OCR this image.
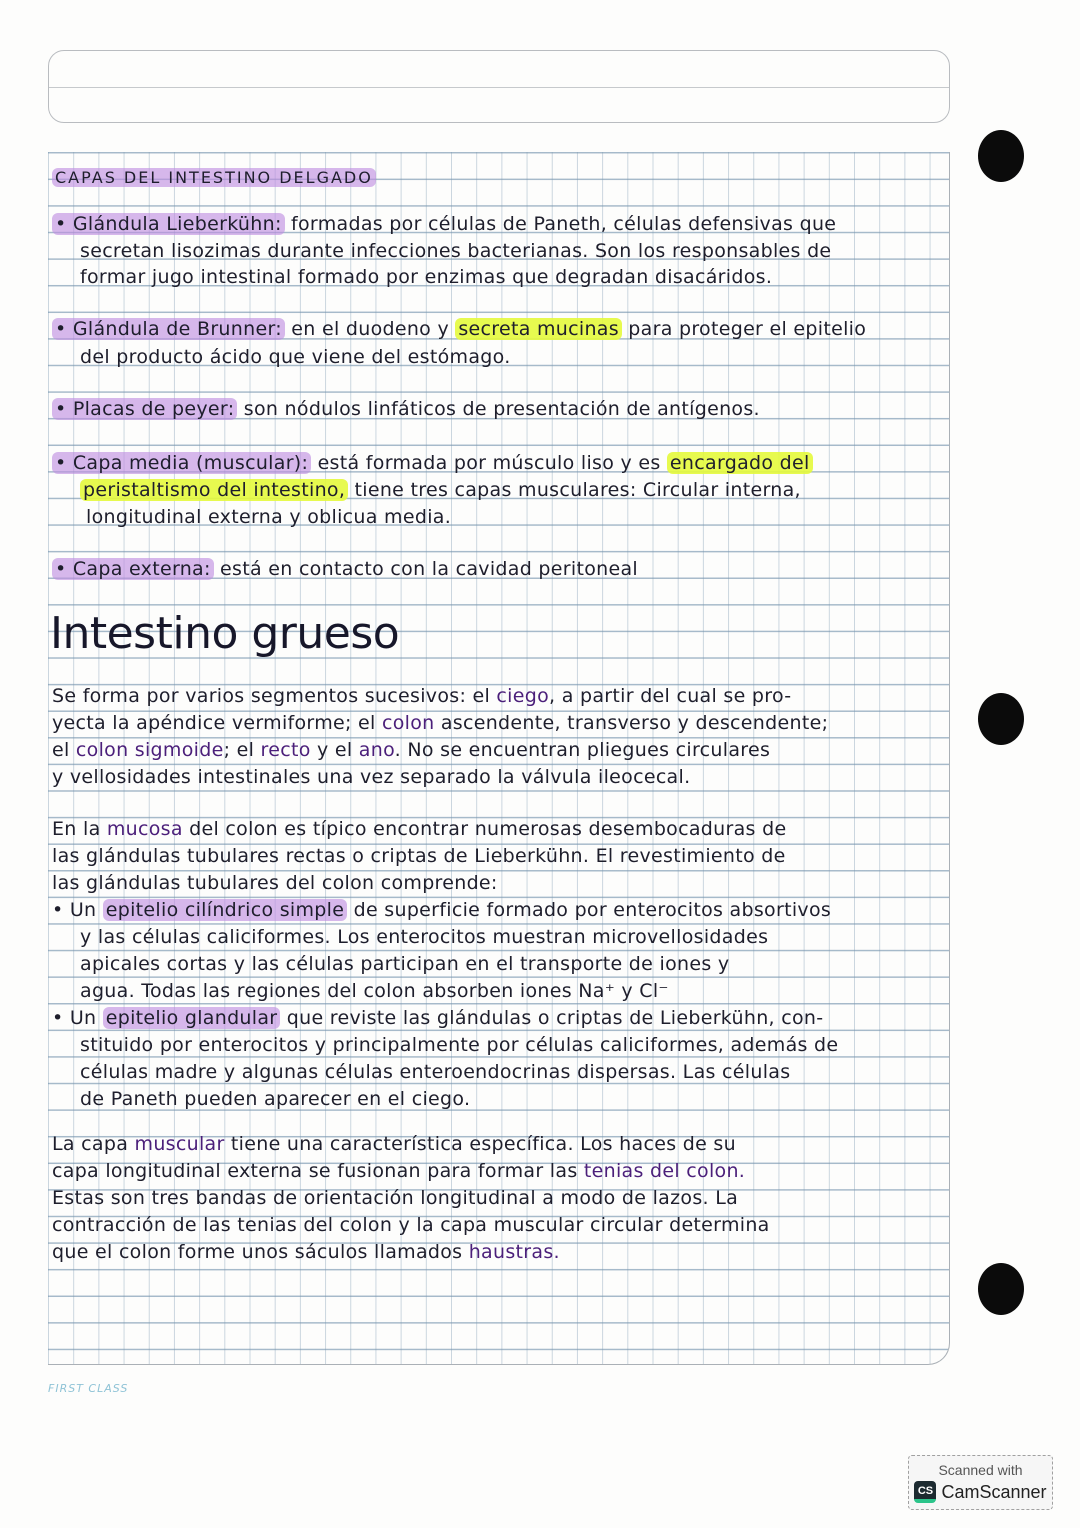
CAPAS DEL INTESTINO DELGADO
• Glándula Lieberkühn: formadas por células de Paneth, células defensivas que
secretan lisozimas durante infecciones bacterianas. Son los responsables de
formar jugo intestinal formado por enzimas que degradan disacáridos.
• Glándula de Brunner: en el duodeno y secreta mucinas para proteger el epitelio
del producto ácido que viene del estómago.
• Placas de peyer: son nódulos linfáticos de presentación de antígenos.
• Capa media (muscular): está formada por músculo liso y es encargado del
peristaltismo del intestino, tiene tres capas musculares: Circular interna,
longitudinal externa y oblicua media.
• Capa externa: está en contacto con la cavidad peritoneal
Intestino grueso
Se forma por varios segmentos sucesivos: el ciego, a partir del cual se pro-
yecta la apéndice vermiforme; el colon ascendente, transverso y descendente;
el colon sigmoide; el recto y el ano. No se encuentran pliegues circulares
y vellosidades intestinales una vez separado la válvula ileocecal.
En la mucosa del colon es típico encontrar numerosas desembocaduras de
las glándulas tubulares rectas o criptas de Lieberkühn. El revestimiento de
las glándulas tubulares del colon comprende:
• Un epitelio cilíndrico simple de superficie formado por enterocitos absortivos
y las células caliciformes. Los enterocitos muestran microvellosidades
apicales cortas y las células participan en el transporte de iones y
agua. Todas las regiones del colon absorben iones Na⁺ y Cl⁻
• Un epitelio glandular que reviste las glándulas o criptas de Lieberkühn, con-
stituido por enterocitos y principalmente por células caliciformes, además de
células madre y algunas células enteroendocrinas dispersas. Las células
de Paneth pueden aparecer en el ciego.
La capa muscular tiene una característica específica. Los haces de su
capa longitudinal externa se fusionan para formar las tenias del colon.
Estas son tres bandas de orientación longitudinal a modo de lazos. La
contracción de las tenias del colon y la capa muscular circular determina
que el colon forme unos sáculos llamados haustras.
FIRST CLASS
Scanned with
CS CamScanner
